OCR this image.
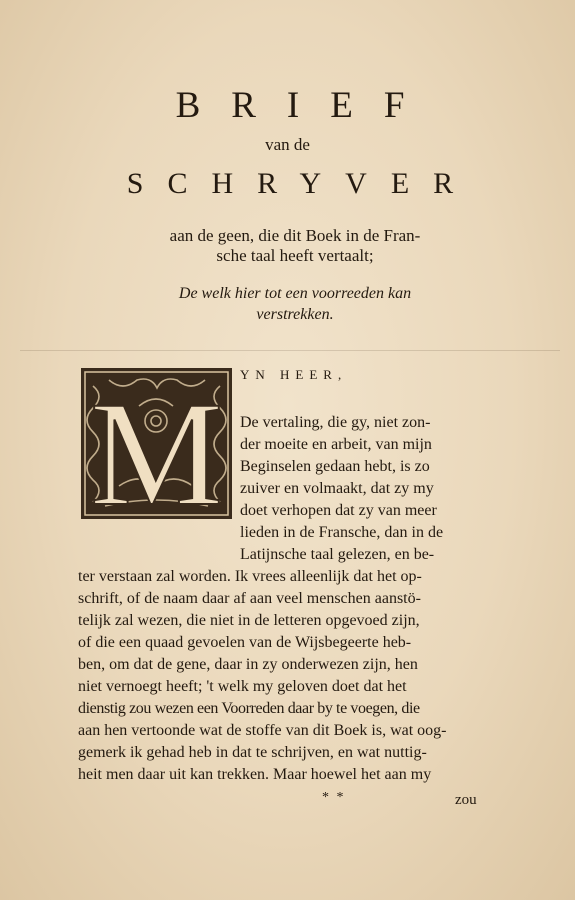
BRIEF
van de
SCHRYVER
aan de geen, die dit Boek in de Fran-
sche taal heeft vertaalt;
De welk hier tot een voorreeden kan
verstrekken.
M YN HEER,
De vertaling, die gy, niet zon-
der moeite en arbeit, van mijn
Beginselen gedaan hebt, is zo
zuiver en volmaakt, dat zy my
doet verhopen dat zy van meer
lieden in de Fransche, dan in de
Latijnsche taal gelezen, en be-
ter verstaan zal worden. Ik vrees alleenlijk dat het op-
schrift, of de naam daar af aan veel menschen aanstö-
telijk zal wezen, die niet in de letteren opgevoed zijn,
of die een quaad gevoelen van de Wijsbegeerte heb-
ben, om dat de gene, daar in zy onderwezen zijn, hen
niet vernoegt heeft; 't welk my geloven doet dat het
dienstig zou wezen een Voorreden daar by te voegen, die
aan hen vertoonde wat de stoffe van dit Boek is, wat oog-
gemerk ik gehad heb in dat te schrijven, en wat nuttig-
heit men daar uit kan trekken. Maar hoewel het aan my
* *	zou
